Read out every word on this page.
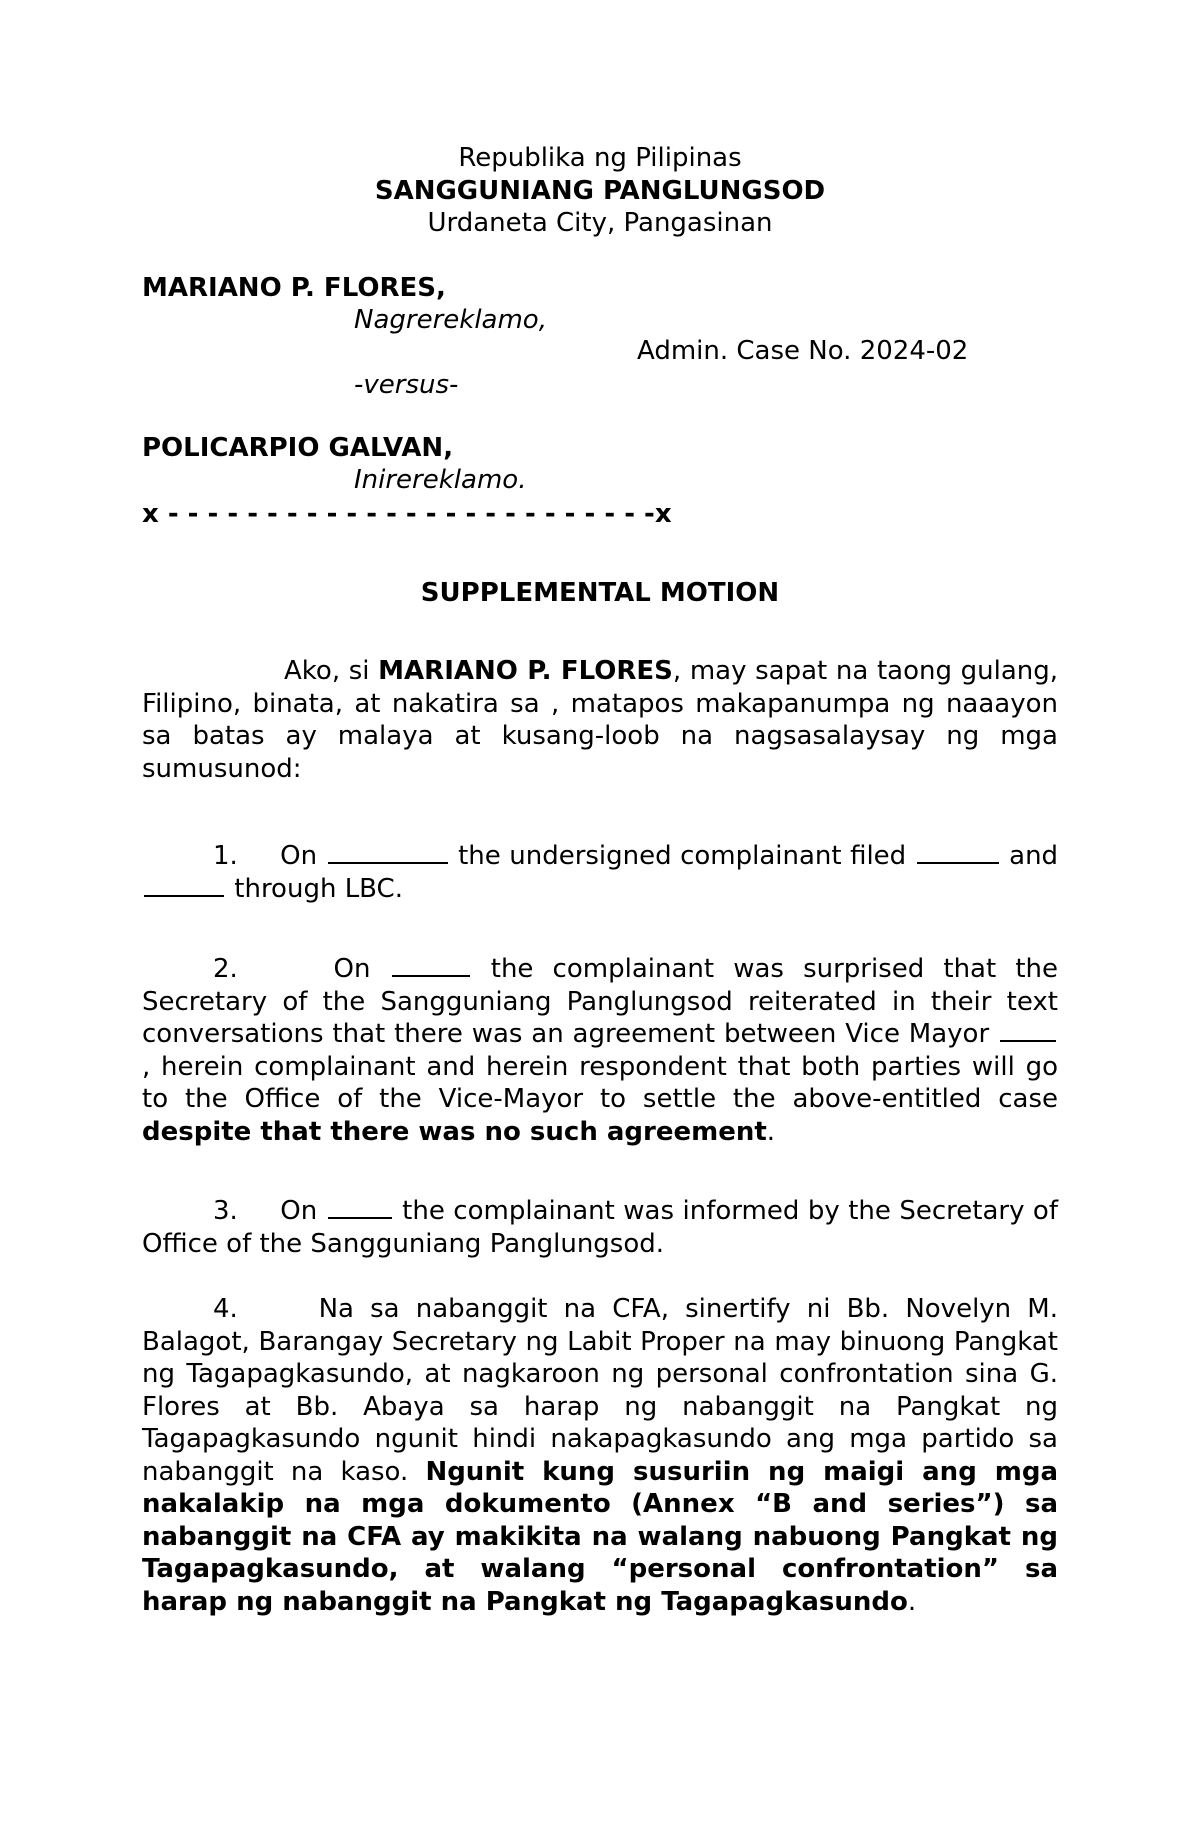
Republika ng Pilipinas
SANGGUNIANG PANGLUNGSOD
Urdaneta City, Pangasinan
MARIANO P. FLORES,
Nagrereklamo,
Admin. Case No. 2024-02
-versus-
POLICARPIO GALVAN,
Inirereklamo.
x - - - - - - - - - - - - - - - - - - - - - - - - -x
SUPPLEMENTAL MOTION
Ako, si MARIANO P. FLORES, may sapat na taong gulang, Filipino, binata, at nakatira sa , matapos makapanumpa ng naaayon sa batas ay malaya at kusang-loob na nagsasalaysay ng mga sumusunod:
1. On	the undersigned complainant filed	and  through LBC.
2.	On	the complainant was surprised that the Secretary of the Sangguniang Panglungsod reiterated in their text conversations that there was an agreement between Vice Mayor , herein complainant and herein respondent that both parties will go to the Office of the Vice-Mayor to settle the above-entitled case despite that there was no such agreement.
3. On	the complainant was informed by the Secretary of Office of the Sangguniang Panglungsod.
4.	Na sa nabanggit na CFA, sinertify ni Bb. Novelyn M. Balagot, Barangay Secretary ng Labit Proper na may binuong Pangkat ng Tagapagkasundo, at nagkaroon ng personal confrontation sina G. Flores at Bb. Abaya sa harap ng nabanggit na Pangkat ng Tagapagkasundo ngunit hindi nakapagkasundo ang mga partido sa nabanggit na kaso. Ngunit kung susuriin ng maigi ang mga nakalakip na mga dokumento (Annex “B and series”) sa nabanggit na CFA ay makikita na walang nabuong Pangkat ng Tagapagkasundo, at walang “personal confrontation” sa harap ng nabanggit na Pangkat ng Tagapagkasundo.
